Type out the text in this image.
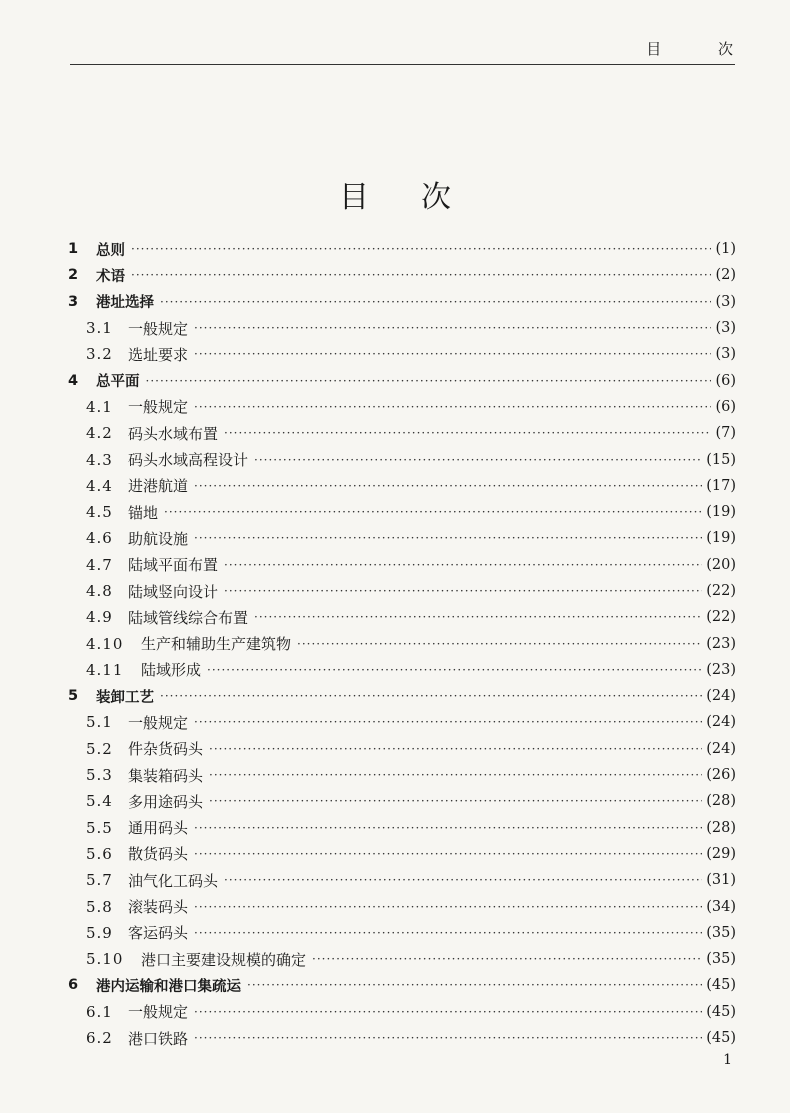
目 次
目次
1	总则 ·····	(1)
2	术语 ·····	(2)
3	港址选择 ·····	(3)
3.1	一般规定 ·····	(3)
3.2	选址要求 ·····	(3)
4	总平面 ·····	(6)
4.1	一般规定 ·····	(6)
4.2	码头水域布置 ·····	(7)
4.3	码头水域高程设计 ·····	(15)
4.4	进港航道 ·····	(17)
4.5	锚地 ·····	(19)
4.6	助航设施 ·····	(19)
4.7	陆域平面布置 ·····	(20)
4.8	陆域竖向设计 ·····	(22)
4.9	陆域管线综合布置 ·····	(22)
4.10	生产和辅助生产建筑物 ·····	(23)
4.11	陆域形成 ·····	(23)
5	装卸工艺 ·····	(24)
5.1	一般规定 ·····	(24)
5.2	件杂货码头 ·····	(24)
5.3	集装箱码头 ·····	(26)
5.4	多用途码头 ·····	(28)
5.5	通用码头 ·····	(28)
5.6	散货码头 ·····	(29)
5.7	油气化工码头 ·····	(31)
5.8	滚装码头 ·····	(34)
5.9	客运码头 ·····	(35)
5.10	港口主要建设规模的确定 ·····	(35)
6	港内运输和港口集疏运 ·····	(45)
6.1	一般规定 ·····	(45)
6.2	港口铁路 ·····	(45)
1
